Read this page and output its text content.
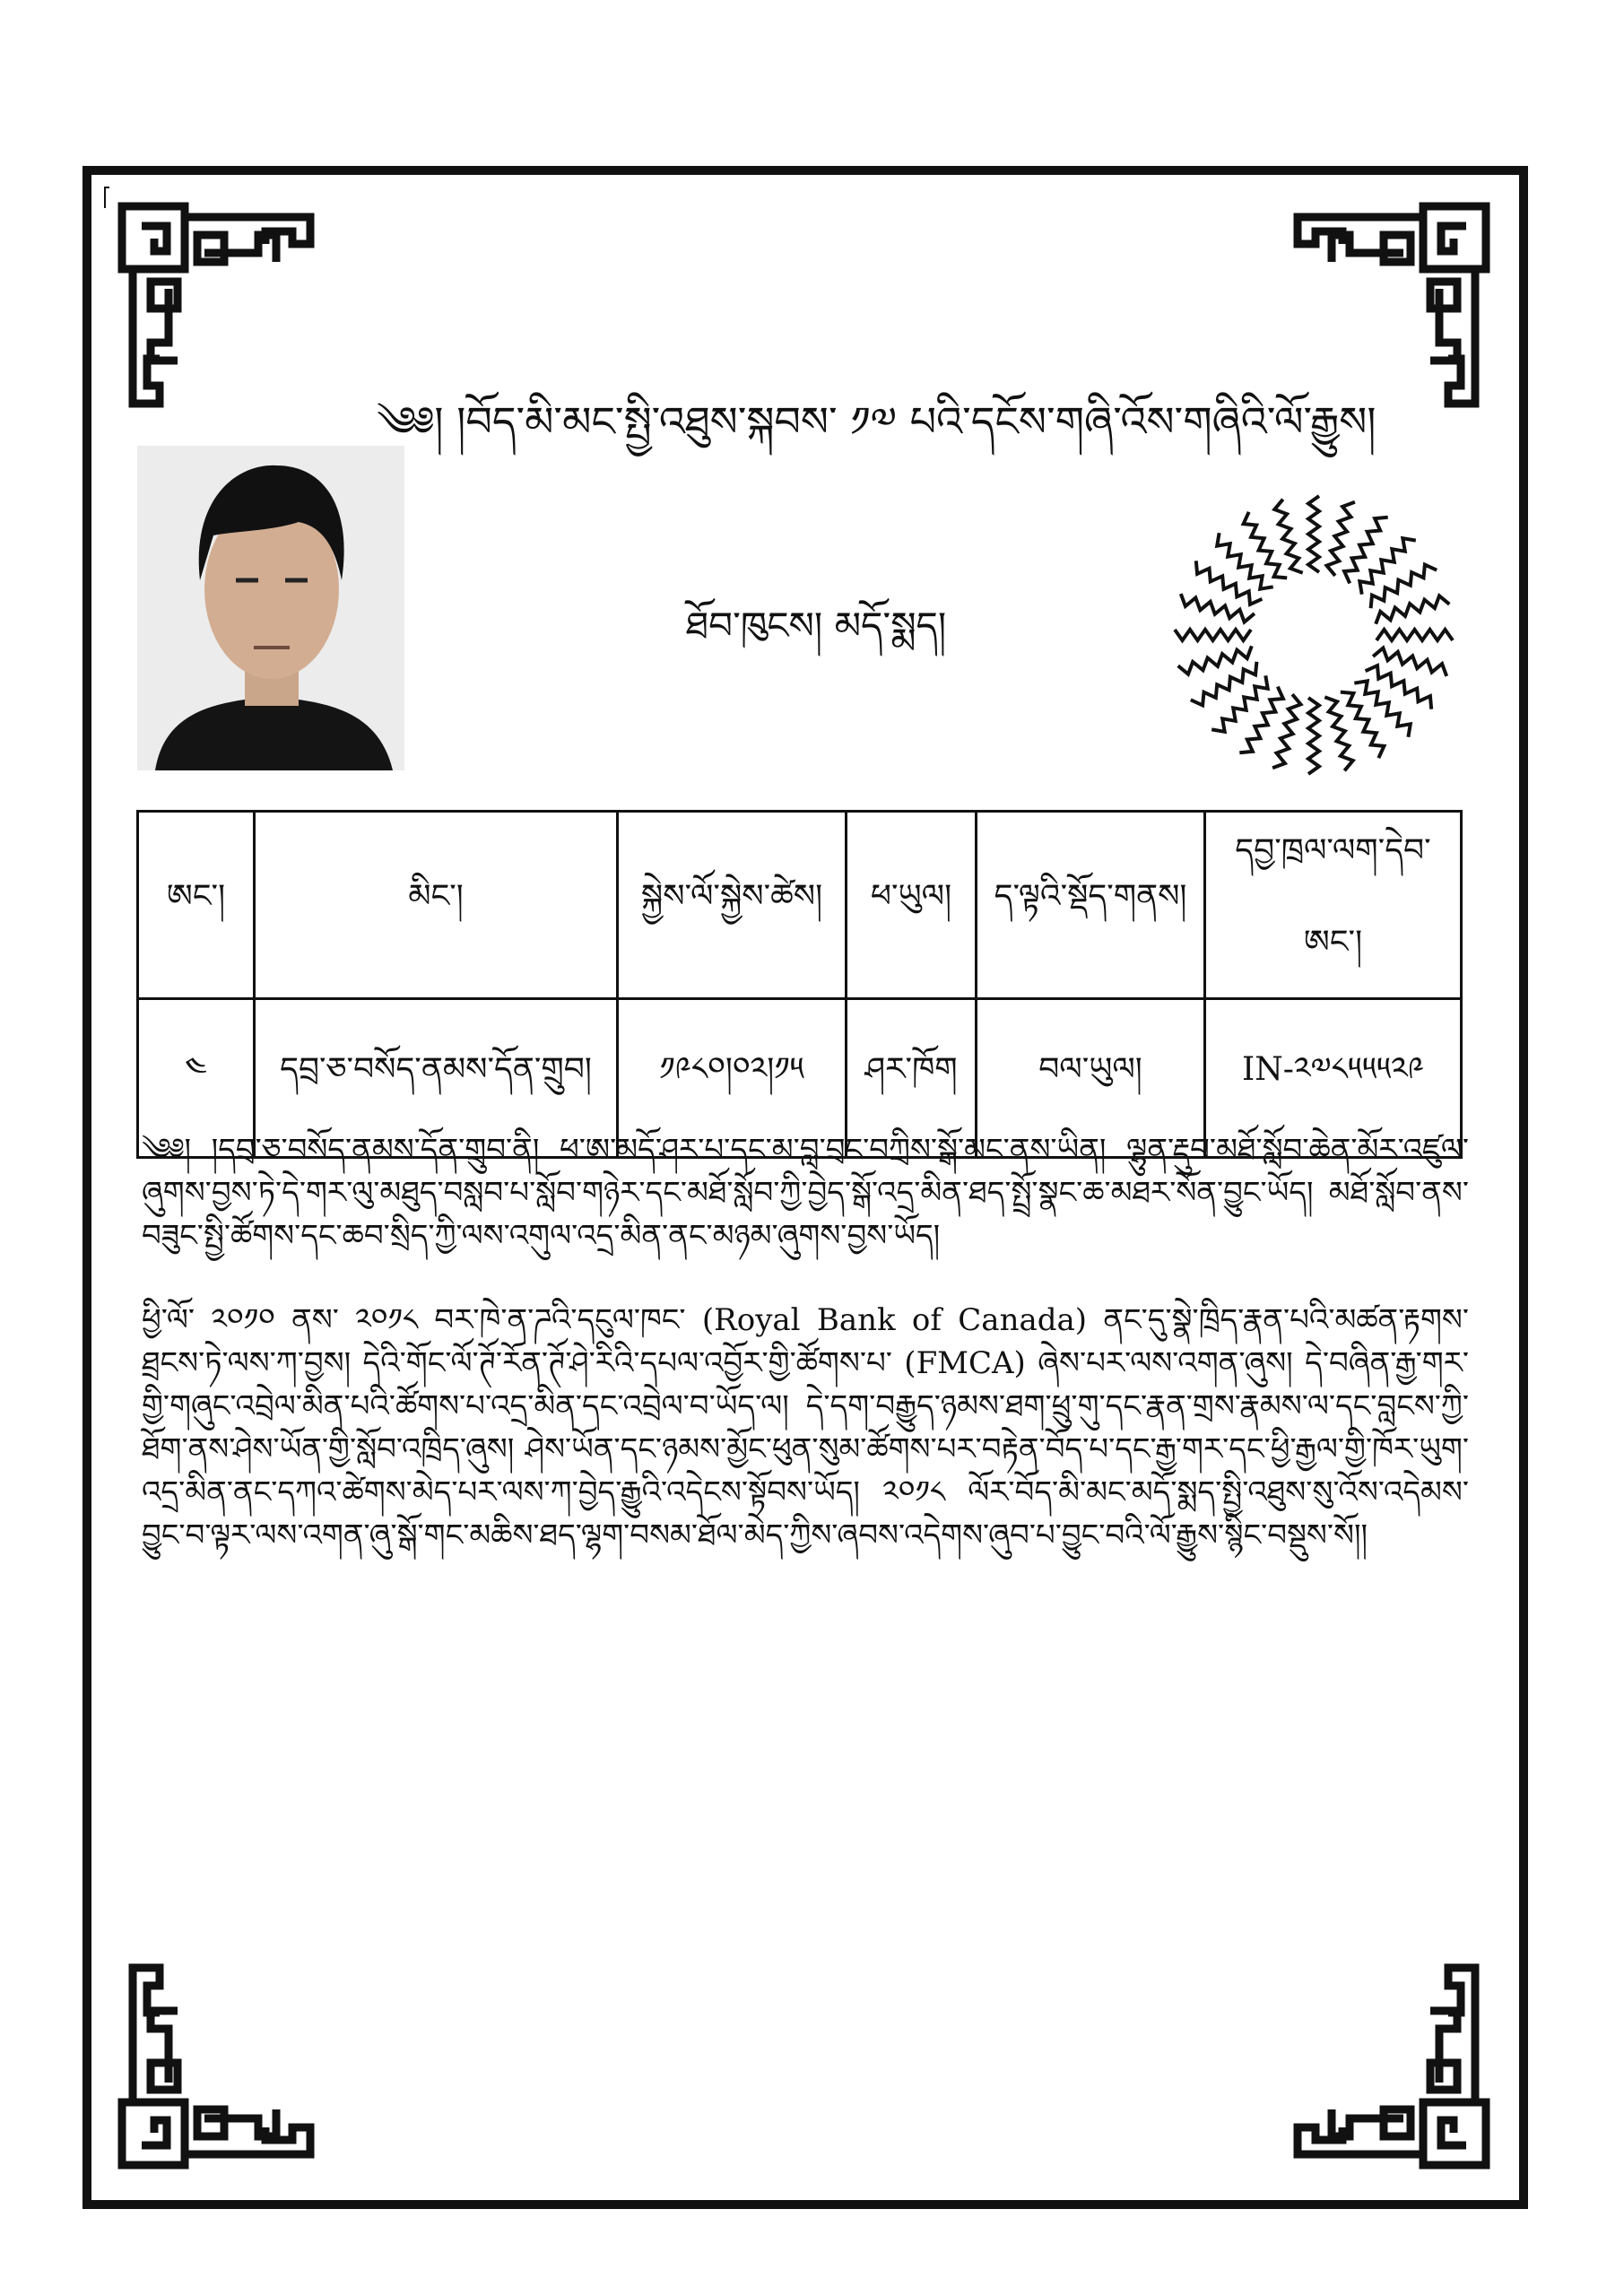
༄༅། །བོད་མི་མང་སྤྱི་འཐུས་སྐབས་ ༡༧ པའི་དངོས་གཞི་འོས་གཞིའི་ལོ་རྒྱུས།
ཐོབ་ཁུངས། མདོ་སྨད།
ཨང་།	མིང་།	སྐྱེས་ལོ་སྐྱེས་ཚེས།	ཕ་ཡུལ།	ད་ལྟའི་སྡོད་གནས།	དབྱ་ཁྲལ་ལག་དེབ་ཨང་།
༤	དབྲ་ཅ་བསོད་ནམས་དོན་གྲུབ།	༡༩༨༠།༠༢།༡༥	ཤར་ཁོག	བལ་ཡུལ།	IN-༢༧༨༥༥༥༢༩
༄༅། །དབྲ་ཅ་བསོད་ནམས་དོན་གྲུབ་ནི། ཕ་ཨ་མདོ་ཤར་པ་དང་མ་བླ་བྲང་བཀྲིས་སྒོ་མང་ནས་ཡིན། ལྷུན་རྡུབ་མཐོ་སློབ་ཆེན་མོར་འཛུལ་ཞུགས་བྱས་ཏེ་དེ་གར་ལུ་མཐུད་བསླབ་པ་སློབ་གཉེར་དང་མཐོ་སློབ་ཀྱི་བྱེད་སྒོ་འདྲ་མིན་ཐད་སྤྲོ་སྣང་ཆ་མཐར་སོན་བྱུང་ཡོད། མཐོ་སློབ་ནས་བཟུང་སྤྱི་ཚོགས་དང་ཆབ་སྲིད་ཀྱི་ལས་འགུལ་འདྲ་མིན་ནང་མཉམ་ཞུགས་བྱས་ཡོད།
ཕྱི་ལོ་ ༢༠༡༠ ནས་ ༢༠༡༨ བར་ཁེ་ན་ཌའི་དངུལ་ཁང་ (Royal Bank of Canada) ནང་དུ་སྣེ་ཁྲིད་རྣན་པའི་མཚན་རྟགས་ཐྲངས་ཏེ་ལས་ཀ་བྱས། དེའི་གོང་ལོ་ཊོ་རོན་ཊོ་ཤེ་རིའི་དཔལ་འབྱོར་གྱི་ཚོགས་པ་ (FMCA) ཞེས་པར་ལས་འགན་ཞུས། དེ་བཞིན་རྒྱ་གར་གྱི་གཞུང་འབྲེལ་མིན་པའི་ཚོགས་པ་འདྲ་མིན་དང་འབྲེལ་བ་ཡོད་ལ། དེ་དག་བརྒྱུད་ཉམས་ཐག་ཕྲུ་གུ་དང་རྣན་གྲས་རྣམས་ལ་དང་བླངས་ཀྱི་ཐོག་ནས་ཤེས་ཡོན་གྱི་སློབ་འཁྲིད་ཞུས། ཤེས་ཡོན་དང་ཉམས་མྱོང་ཕུན་སུམ་ཚོགས་པར་བརྟེན་བོད་པ་དང་རྒྱ་གར་དང་ཕྱི་རྒྱལ་གྱི་ཁོར་ཡུག་འདྲ་མིན་ནང་དཀའ་ཚེགས་མེད་པར་ལས་ཀ་བྱེད་རྒྱུའི་འདེངས་སྟོབས་ཡོད། ༢༠༡༨ ལོར་བོད་མི་མང་མདོ་སྨད་སྤྱི་འཐུས་སུ་འོས་འདེམས་བྱུང་བ་ལྟར་ལས་འགན་ཞུ་སྒོ་གང་མཆིས་ཐད་ལྷག་བསམ་ཐོལ་མེད་ཀྱིས་ཞབས་འདེགས་ཞུབ་པ་བྱུང་བའི་ལོ་རྒྱུས་སྙིང་བསྡུས་སོ།།
